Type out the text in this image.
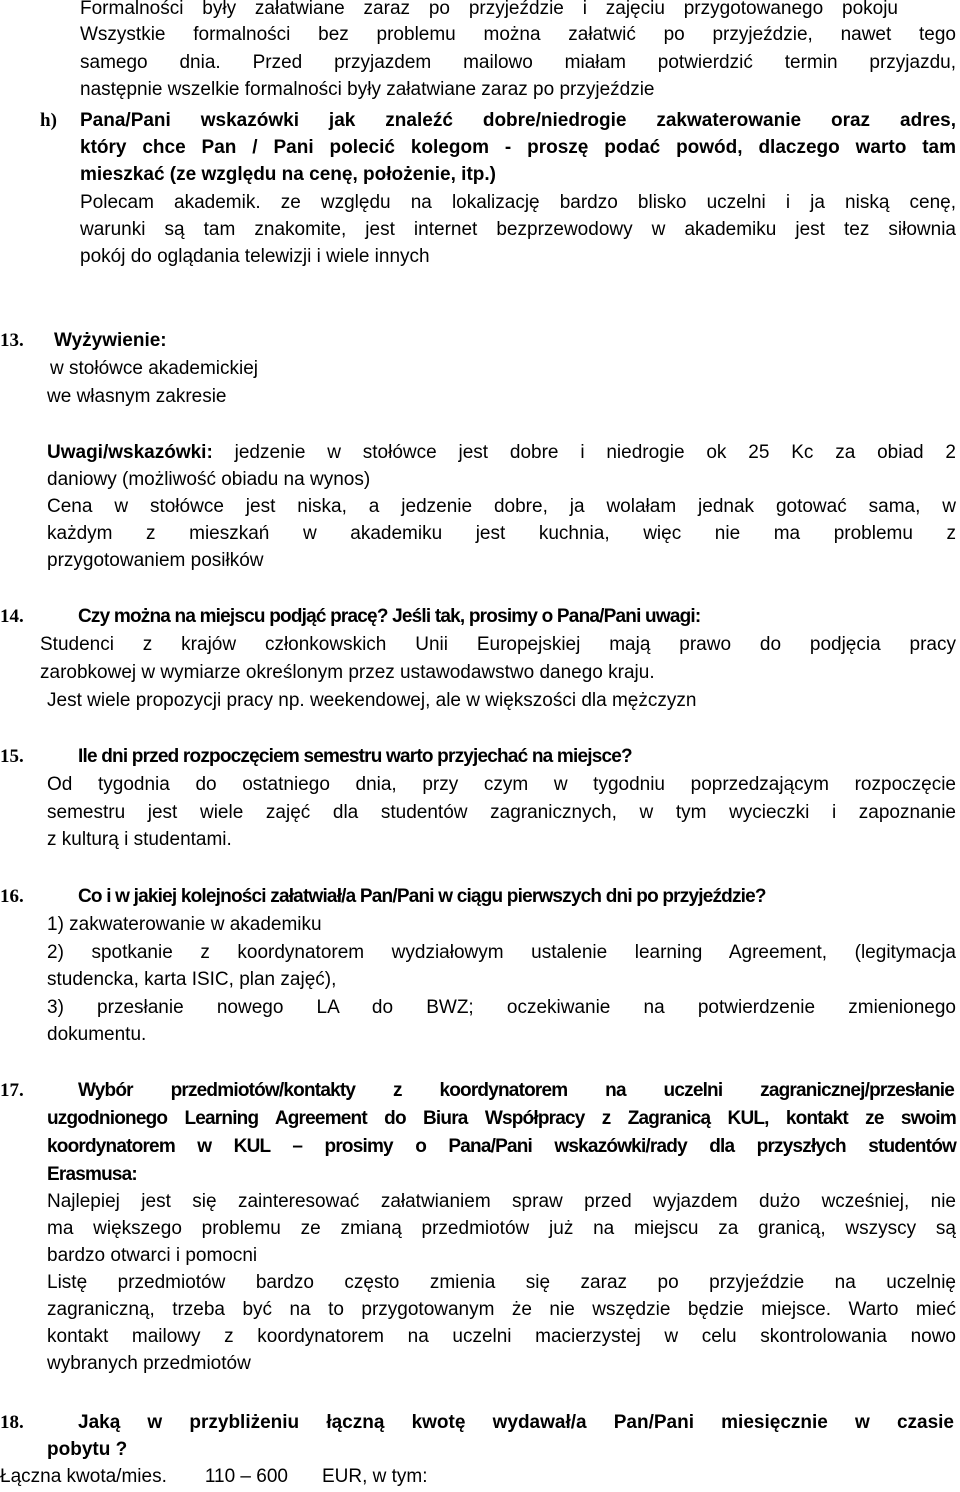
Formalności były załatwiane zaraz po przyjeździe i zajęciu przygotowanego pokoju
Wszystkie formalności bez problemu można załatwić po przyjeździe, nawet tego
samego dnia. Przed przyjazdem mailowo miałam potwierdzić termin przyjazdu,
następnie wszelkie formalności były załatwiane zaraz po przyjeździe
h) Pana/Pani wskazówki jak znaleźć dobre/niedrogie zakwaterowanie oraz adres,
który chce Pan / Pani polecić kolegom - proszę podać powód, dlaczego warto tam
mieszkać (ze względu na cenę, położenie, itp.)
Polecam akademik. ze względu na lokalizację bardzo blisko uczelni i ja niską cenę,
warunki są tam znakomite, jest internet bezprzewodowy w akademiku jest tez siłownia
pokój do oglądania telewizji i wiele innych
13. Wyżywienie:
w stołówce akademickiej
we własnym zakresie
Uwagi/wskazówki: jedzenie w stołówce jest dobre i niedrogie ok 25 Kc za obiad 2
daniowy (możliwość obiadu na wynos)
Cena w stołówce jest niska, a jedzenie dobre, ja wolałam jednak gotować sama, w
każdym z mieszkań w akademiku jest kuchnia, więc nie ma problemu z
przygotowaniem posiłków
14.	Czy można na miejscu podjąć pracę? Jeśli tak, prosimy o Pana/Pani uwagi:
Studenci z krajów członkowskich Unii Europejskiej mają prawo do podjęcia pracy
zarobkowej w wymiarze określonym przez ustawodawstwo danego kraju.
Jest wiele propozycji pracy np. weekendowej, ale w większości dla mężczyzn
15.	Ile dni przed rozpoczęciem semestru warto przyjechać na miejsce?
Od tygodnia do ostatniego dnia, przy czym w tygodniu poprzedzającym rozpoczęcie
semestru jest wiele zajęć dla studentów zagranicznych, w tym wycieczki i zapoznanie
z kulturą i studentami.
16.	Co i w jakiej kolejności załatwiał/a Pan/Pani w ciągu pierwszych dni po przyjeździe?
1) zakwaterowanie w akademiku
2) spotkanie z koordynatorem wydziałowym ustalenie learning Agreement, (legitymacja
studencka, karta ISIC, plan zajęć),
3) przesłanie nowego LA do BWZ; oczekiwanie na potwierdzenie zmienionego
dokumentu.
17.	Wybór przedmiotów/kontakty z koordynatorem na uczelni zagranicznej/przesłanie
uzgodnionego Learning Agreement do Biura Współpracy z Zagranicą KUL, kontakt ze swoim
koordynatorem w KUL – prosimy o Pana/Pani wskazówki/rady dla przyszłych studentów
Erasmusa:
Najlepiej jest się zainteresować załatwianiem spraw przed wyjazdem dużo wcześniej, nie
ma większego problemu ze zmianą przedmiotów już na miejscu za granicą, wszyscy są
bardzo otwarci i pomocni
Listę przedmiotów bardzo często zmienia się zaraz po przyjeździe na uczelnię
zagraniczną, trzeba być na to przygotowanym że nie wszędzie będzie miejsce. Warto mieć
kontakt mailowy z koordynatorem na uczelni macierzystej w celu skontrolowania nowo
wybranych przedmiotów
18.	Jaką w przybliżeniu łączną kwotę wydawał/a Pan/Pani miesięcznie w czasie
pobytu ?
Łączna kwota/mies. 110 – 600 EUR, w tym:
